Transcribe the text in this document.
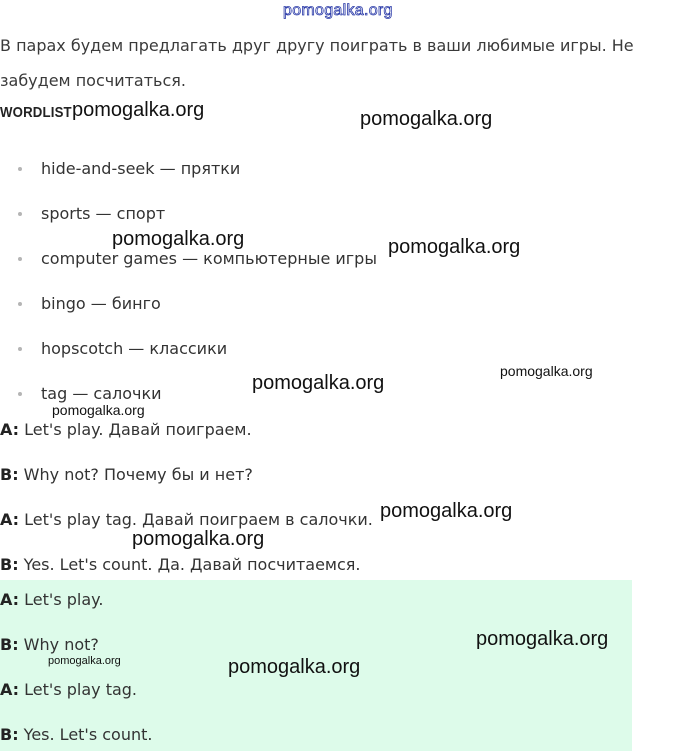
pomogalka.org
В парах будем предлагать друг другу поиграть в ваши любимые игры. Не забудем посчитаться.
WORDLIST
hide-and-seek — прятки
sports — спорт
computer games — компьютерные игры
bingo — бинго
hopscotch — классики
tag — салочки
A: Let's play. Давай поиграем.
B: Why not? Почему бы и нет?
A: Let's play tag. Давай поиграем в салочки.
B: Yes. Let's count. Да. Давай посчитаемся.
A: Let's play.
B: Why not?
A: Let's play tag.
B: Yes. Let's count.
pomogalka.org	pomogalka.org
pomogalka.org	pomogalka.org
pomogalka.org
pomogalka.org
pomogalka.org
pomogalka.org
pomogalka.org
pomogalka.org
pomogalka.org	pomogalka.org
